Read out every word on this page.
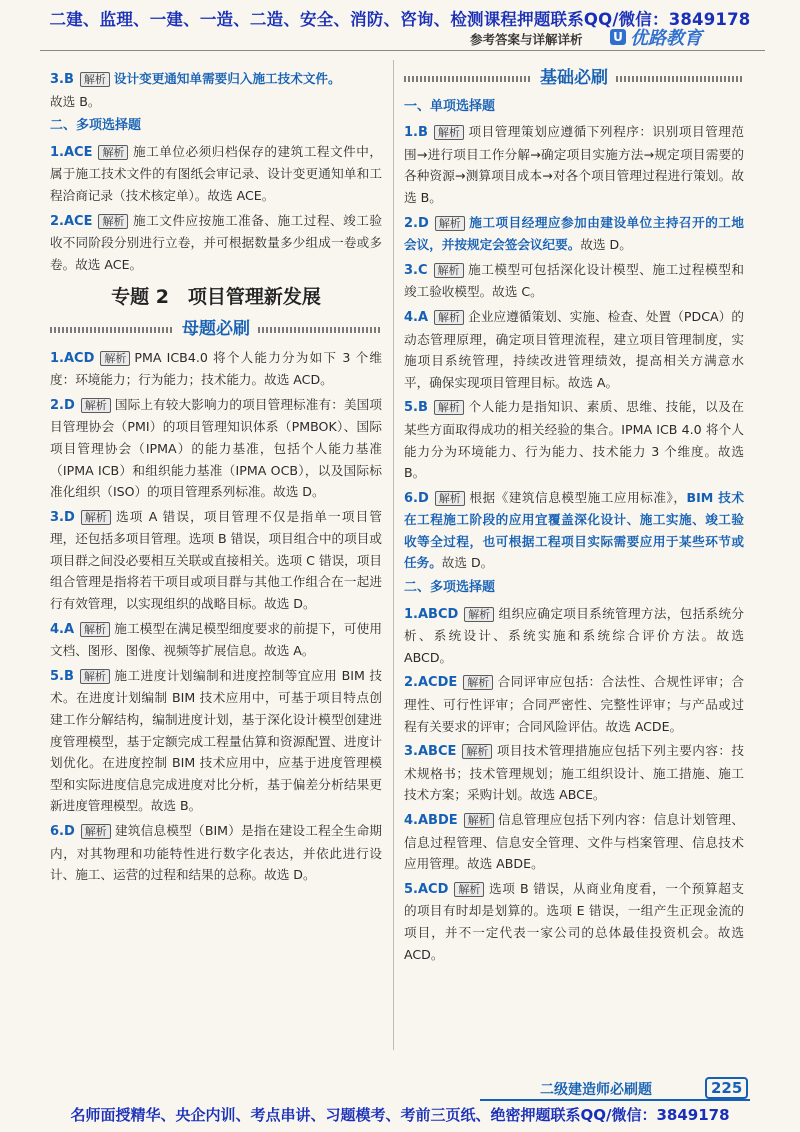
二建、监理、一建、一造、二造、安全、消防、咨询、检测课程押题联系QQ/微信：3849178
参考答案与详解详析	U 优路教育

3.B 解析 设计变更通知单需要归入施工技术文件。
故选 B。

二、多项选择题

1.ACE 解析 施工单位必须归档保存的建筑工程文件中，属于施工技术文件的有图纸会审记录、设计变更通知单和工程洽商记录（技术核定单）。故选 ACE。

2.ACE 解析 施工文件应按施工准备、施工过程、竣工验收不同阶段分别进行立卷，并可根据数量多少组成一卷或多卷。故选 ACE。

专题 2　项目管理新发展
母题必刷

1.ACD 解析 PMA ICB4.0 将个人能力分为如下 3 个维度：环境能力；行为能力；技术能力。故选 ACD。

2.D 解析 国际上有较大影响力的项目管理标准有：美国项目管理协会（PMI）的项目管理知识体系（PMBOK）、国际项目管理协会（IPMA）的能力基准，包括个人能力基准（IPMA ICB）和组织能力基准（IPMA OCB），以及国际标准化组织（ISO）的项目管理系列标准。故选 D。

3.D 解析 选项 A 错误，项目管理不仅是指单一项目管理，还包括多项目管理。选项 B 错误，项目组合中的项目或项目群之间没必要相互关联或直接相关。选项 C 错误，项目组合管理是指将若干项目或项目群与其他工作组合在一起进行有效管理，以实现组织的战略目标。故选 D。

4.A 解析 施工模型在满足模型细度要求的前提下，可使用文档、图形、图像、视频等扩展信息。故选 A。

5.B 解析 施工进度计划编制和进度控制等宜应用 BIM 技术。在进度计划编制 BIM 技术应用中，可基于项目特点创建工作分解结构，编制进度计划，基于深化设计模型创建进度管理模型，基于定额完成工程量估算和资源配置、进度计划优化。在进度控制 BIM 技术应用中，应基于进度管理模型和实际进度信息完成进度对比分析，基于偏差分析结果更新进度管理模型。故选 B。

6.D 解析 建筑信息模型（BIM）是指在建设工程全生命期内，对其物理和功能特性进行数字化表达，并依此进行设计、施工、运营的过程和结果的总称。故选 D。

基础必刷
一、单项选择题

1.B 解析 项目管理策划应遵循下列程序：识别项目管理范围→进行项目工作分解→确定项目实施方法→规定项目需要的各种资源→测算项目成本→对各个项目管理过程进行策划。故选 B。

2.D 解析 施工项目经理应参加由建设单位主持召开的工地会议，并按规定会签会议纪要。故选 D。

3.C 解析 施工模型可包括深化设计模型、施工过程模型和竣工验收模型。故选 C。

4.A 解析 企业应遵循策划、实施、检查、处置（PDCA）的动态管理原理，确定项目管理流程，建立项目管理制度，实施项目系统管理，持续改进管理绩效，提高相关方满意水平，确保实现项目管理目标。故选 A。

5.B 解析 个人能力是指知识、素质、思维、技能，以及在某些方面取得成功的相关经验的集合。IPMA ICB 4.0 将个人能力分为环境能力、行为能力、技术能力 3 个维度。故选 B。

6.D 解析 根据《建筑信息模型施工应用标准》，BIM 技术在工程施工阶段的应用宜覆盖深化设计、施工实施、竣工验收等全过程，也可根据工程项目实际需要应用于某些环节或任务。故选 D。

二、多项选择题

1.ABCD 解析 组织应确定项目系统管理方法，包括系统分析、系统设计、系统实施和系统综合评价方法。故选 ABCD。

2.ACDE 解析 合同评审应包括：合法性、合规性评审；合理性、可行性评审；合同严密性、完整性评审；与产品或过程有关要求的评审；合同风险评估。故选 ACDE。

3.ABCE 解析 项目技术管理措施应包括下列主要内容：技术规格书；技术管理规划；施工组织设计、施工措施、施工技术方案；采购计划。故选 ABCE。

4.ABDE 解析 信息管理应包括下列内容：信息计划管理、信息过程管理、信息安全管理、文件与档案管理、信息技术应用管理。故选 ABDE。

5.ACD 解析 选项 B 错误，从商业角度看，一个预算超支的项目有时却是划算的。选项 E 错误，一组产生正现金流的项目，并不一定代表一家公司的总体最佳投资机会。故选 ACD。

二级建造师必刷题	225
名师面授精华、央企内训、考点串讲、习题模考、考前三页纸、绝密押题联系QQ/微信：3849178
